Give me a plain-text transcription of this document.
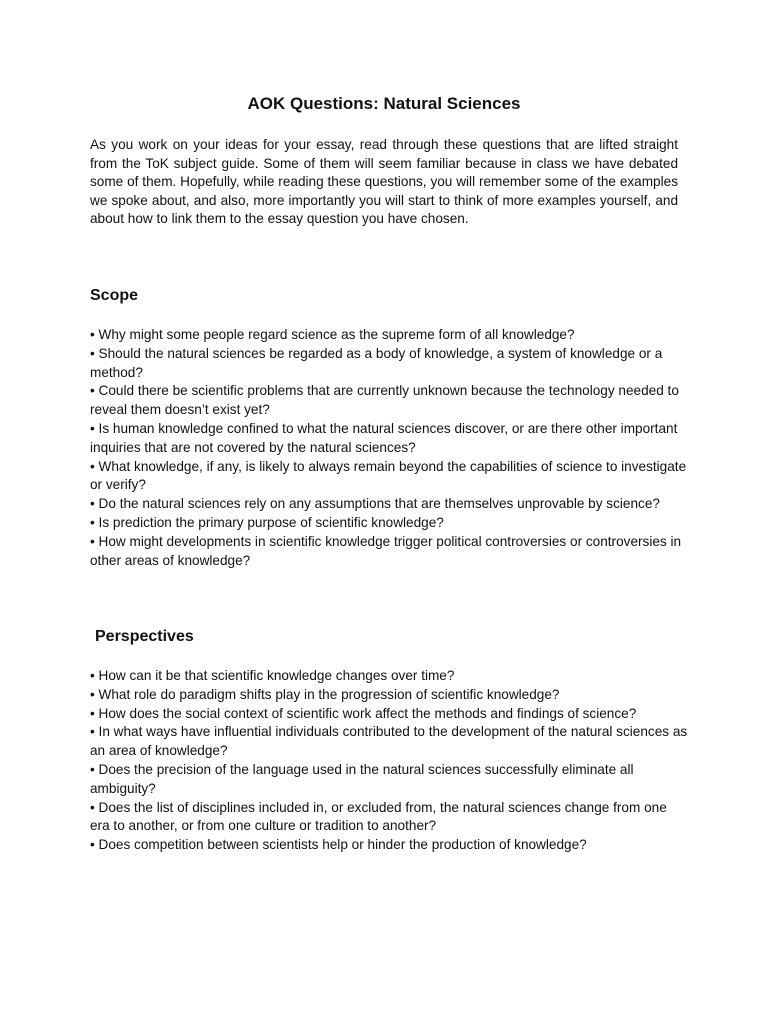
AOK Questions: Natural Sciences

As you work on your ideas for your essay, read through these questions that are lifted straight from the ToK subject guide. Some of them will seem familiar because in class we have debated some of them. Hopefully, while reading these questions, you will remember some of the examples we spoke about, and also, more importantly you will start to think of more examples yourself, and about how to link them to the essay question you have chosen.

Scope
• Why might some people regard science as the supreme form of all knowledge?
• Should the natural sciences be regarded as a body of knowledge, a system of knowledge or a method?
• Could there be scientific problems that are currently unknown because the technology needed to reveal them doesn’t exist yet?
• Is human knowledge confined to what the natural sciences discover, or are there other important inquiries that are not covered by the natural sciences?
• What knowledge, if any, is likely to always remain beyond the capabilities of science to investigate or verify?
• Do the natural sciences rely on any assumptions that are themselves unprovable by science?
• Is prediction the primary purpose of scientific knowledge?
• How might developments in scientific knowledge trigger political controversies or controversies in other areas of knowledge?
Perspectives
• How can it be that scientific knowledge changes over time?
• What role do paradigm shifts play in the progression of scientific knowledge?
• How does the social context of scientific work affect the methods and findings of science?
• In what ways have influential individuals contributed to the development of the natural sciences as an area of knowledge?
• Does the precision of the language used in the natural sciences successfully eliminate all ambiguity?
• Does the list of disciplines included in, or excluded from, the natural sciences change from one era to another, or from one culture or tradition to another?
• Does competition between scientists help or hinder the production of knowledge?
